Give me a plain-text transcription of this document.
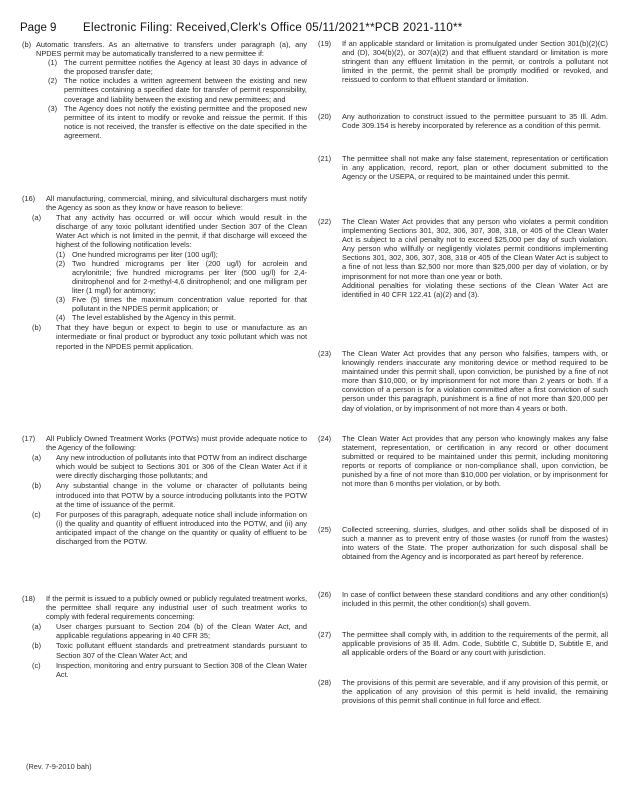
Page 9 Electronic Filing: Received,Clerk's Office 05/11/2021**PCB 2021-110**
(b) Automatic transfers. As an alternative to transfers under paragraph (a), any NPDES permit may be automatically transferred to a new permittee if:
(1) The current permittee notifies the Agency at least 30 days in advance of the proposed transfer date;
(2) The notice includes a written agreement between the existing and new permittees containing a specified date for transfer of permit responsibility, coverage and liability between the existing and new permittees; and
(3) The Agency does not notify the existing permittee and the proposed new permittee of its intent to modify or revoke and reissue the permit. If this notice is not received, the transfer is effective on the date specified in the agreement.
(16) All manufacturing, commercial, mining, and silvicultural dischargers must notify the Agency as soon as they know or have reason to believe:
(a) That any activity has occurred or will occur which would result in the discharge of any toxic pollutant identified under Section 307 of the Clean Water Act which is not limited in the permit, if that discharge will exceed the highest of the following notification levels:
(1) One hundred micrograms per liter (100 ug/l);
(2) Two hundred micrograms per liter (200 ug/l) for acrolein and acrylonitrile; five hundred micrograms per liter (500 ug/l) for 2,4-dinitrophenol and for 2-methyl-4,6 dinitrophenol; and one milligram per liter (1 mg/l) for antimony;
(3) Five (5) times the maximum concentration value reported for that pollutant in the NPDES permit application; or
(4) The level established by the Agency in this permit.
(b) That they have begun or expect to begin to use or manufacture as an intermediate or final product or byproduct any toxic pollutant which was not reported in the NPDES permit application.
(17) All Publicly Owned Treatment Works (POTWs) must provide adequate notice to the Agency of the following:
(a) Any new introduction of pollutants into that POTW from an indirect discharge which would be subject to Sections 301 or 306 of the Clean Water Act if it were directly discharging those pollutants; and
(b) Any substantial change in the volume or character of pollutants being introduced into that POTW by a source introducing pollutants into the POTW at the time of issuance of the permit.
(c) For purposes of this paragraph, adequate notice shall include information on (i) the quality and quantity of effluent introduced into the POTW, and (ii) any anticipated impact of the change on the quantity or quality of effluent to be discharged from the POTW.
(18) If the permit is issued to a publicly owned or publicly regulated treatment works, the permittee shall require any industrial user of such treatment works to comply with federal requirements concerning:
(a) User charges pursuant to Section 204 (b) of the Clean Water Act, and applicable regulations appearing in 40 CFR 35;
(b) Toxic pollutant effluent standards and pretreatment standards pursuant to Section 307 of the Clean Water Act; and
(c) Inspection, monitoring and entry pursuant to Section 308 of the Clean Water Act.
(19) If an applicable standard or limitation is promulgated under Section 301(b)(2)(C) and (D), 304(b)(2), or 307(a)(2) and that effluent standard or limitation is more stringent than any effluent limitation in the permit, or controls a pollutant not limited in the permit, the permit shall be promptly modified or revoked, and reissued to conform to that effluent standard or limitation.
(20) Any authorization to construct issued to the permittee pursuant to 35 Ill. Adm. Code 309.154 is hereby incorporated by reference as a condition of this permit.
(21) The permittee shall not make any false statement, representation or certification in any application, record, report, plan or other document submitted to the Agency or the USEPA, or required to be maintained under this permit.
(22) The Clean Water Act provides that any person who violates a permit condition implementing Sections 301, 302, 306, 307, 308, 318, or 405 of the Clean Water Act is subject to a civil penalty not to exceed $25,000 per day of such violation. Any person who willfully or negligently violates permit conditions implementing Sections 301, 302, 306, 307, 308, 318 or 405 of the Clean Water Act is subject to a fine of not less than $2,500 nor more than $25,000 per day of violation, or by imprisonment for not more than one year or both.
Additional penalties for violating these sections of the Clean Water Act are identified in 40 CFR 122.41 (a)(2) and (3).
(23) The Clean Water Act provides that any person who falsifies, tampers with, or knowingly renders inaccurate any monitoring device or method required to be maintained under this permit shall, upon conviction, be punished by a fine of not more than $10,000, or by imprisonment for not more than 2 years or both. If a conviction of a person is for a violation committed after a first conviction of such person under this paragraph, punishment is a fine of not more than $20,000 per day of violation, or by imprisonment of not more than 4 years or both.
(24) The Clean Water Act provides that any person who knowingly makes any false statement, representation, or certification in any record or other document submitted or required to be maintained under this permit, including monitoring reports or reports of compliance or non-compliance shall, upon conviction, be punished by a fine of not more than $10,000 per violation, or by imprisonment for not more than 6 months per violation, or by both.
(25) Collected screening, slurries, sludges, and other solids shall be disposed of in such a manner as to prevent entry of those wastes (or runoff from the wastes) into waters of the State. The proper authorization for such disposal shall be obtained from the Agency and is incorporated as part hereof by reference.
(26) In case of conflict between these standard conditions and any other condition(s) included in this permit, the other condition(s) shall govern.
(27) The permittee shall comply with, in addition to the requirements of the permit, all applicable provisions of 35 Ill. Adm. Code, Subtitle C, Subtitle D, Subtitle E, and all applicable orders of the Board or any court with jurisdiction.
(28) The provisions of this permit are severable, and if any provision of this permit, or the application of any provision of this permit is held invalid, the remaining provisions of this permit shall continue in full force and effect.
(Rev. 7-9-2010 bah)
